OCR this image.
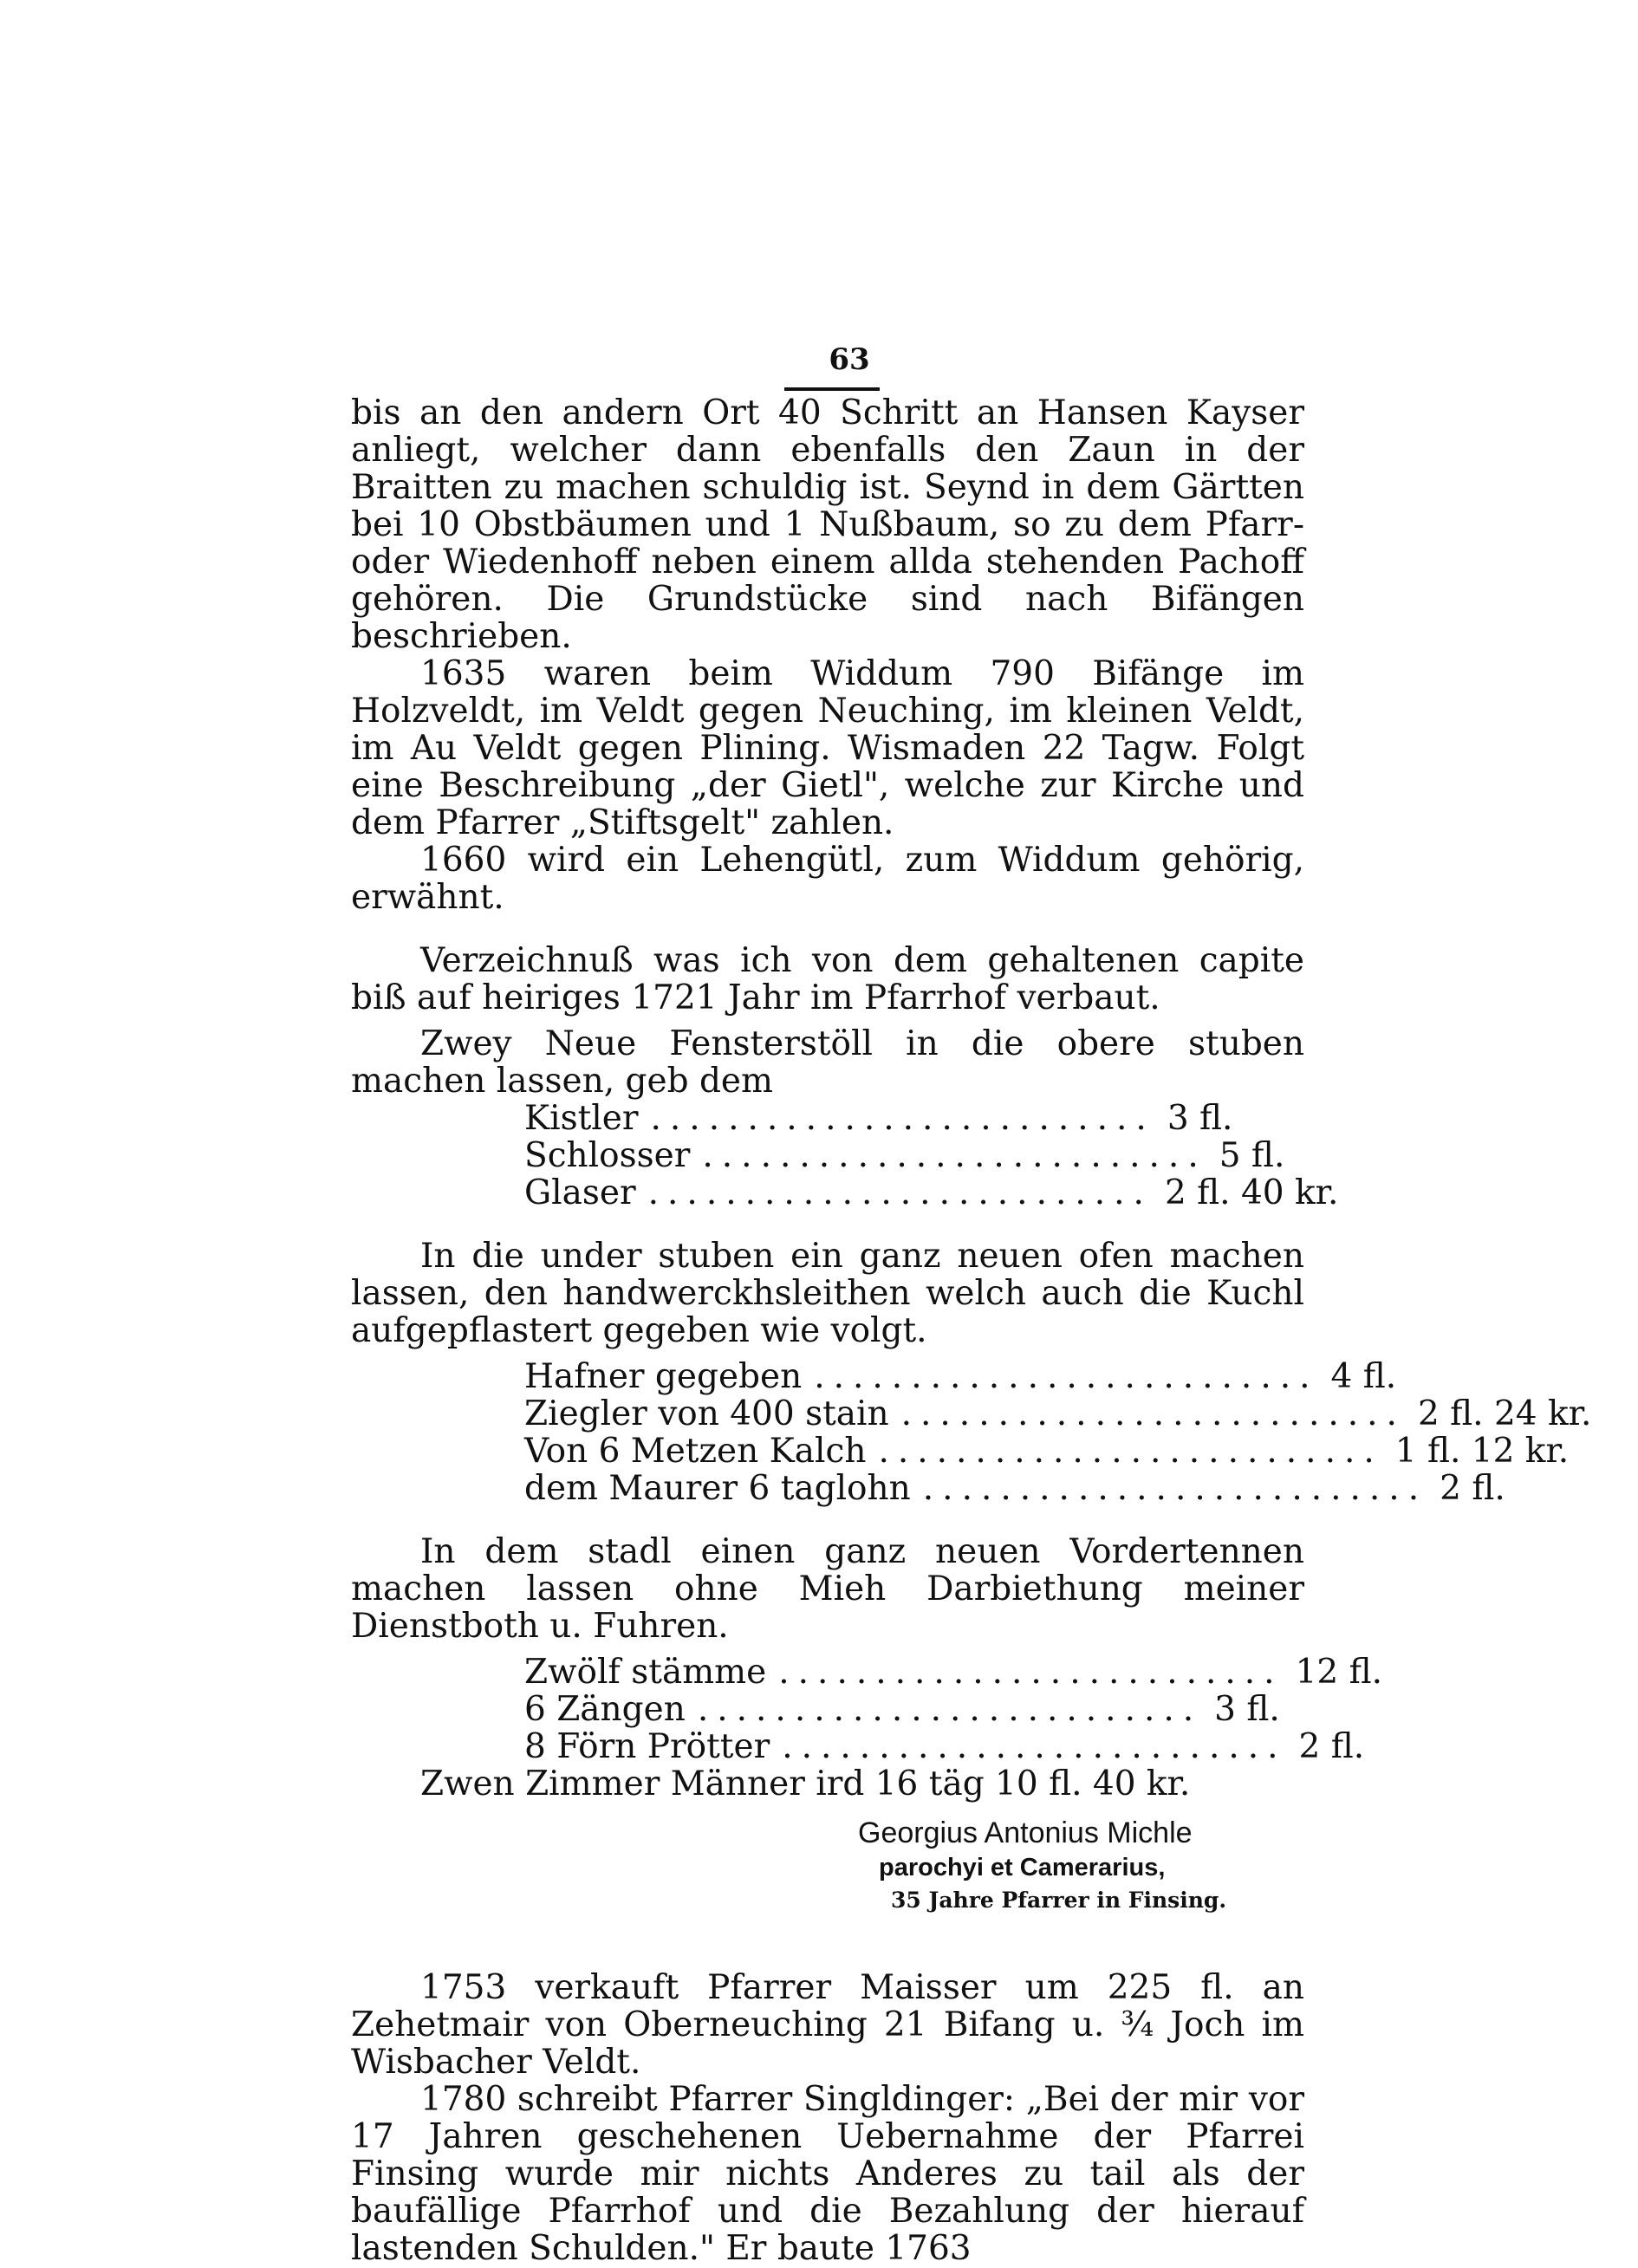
63

bis an den andern Ort 40 Schritt an Hansen Kayser anliegt, welcher dann ebenfalls den Zaun in der Braitten zu machen schuldig ist. Seynd in dem Gärtten bei 10 Obstbäumen und 1 Nußbaum, so zu dem Pfarr- oder Wiedenhoff neben einem allda stehenden Pachoff gehören. Die Grundstücke sind nach Bifängen beschrieben.

1635 waren beim Widdum 790 Bifänge im Holzveldt, im Veldt gegen Neuching, im kleinen Veldt, im Au Veldt gegen Plining. Wismaden 22 Tagw. Folgt eine Beschreibung „der Gietl", welche zur Kirche und dem Pfarrer „Stiftsgelt" zahlen.

1660 wird ein Lehengütl, zum Widdum gehörig, erwähnt.

Verzeichnuß was ich von dem gehaltenen capite biß auf heiriges 1721 Jahr im Pfarrhof verbaut.

Zwey Neue Fensterstöll in die obere stuben machen lassen, geb dem

Kistler .......................... 3 fl.
Schlosser .......................... 5 fl.
Glaser .......................... 2 fl. 40 kr.

In die under stuben ein ganz neuen ofen machen lassen, den handwerckhsleithen welch auch die Kuchl aufgepflastert gegeben wie volgt.

Hafner gegeben .......................... 4 fl.
Ziegler von 400 stain .......................... 2 fl. 24 kr.
Von 6 Metzen Kalch .......................... 1 fl. 12 kr.
dem Maurer 6 taglohn .......................... 2 fl.

In dem stadl einen ganz neuen Vordertennen machen lassen ohne Mieh Darbiethung meiner Dienstboth u. Fuhren.

Zwölf stämme .......................... 12 fl.
6 Zängen .......................... 3 fl.
8 Förn Prötter .......................... 2 fl.

Zwen Zimmer Männer ird 16 täg 10 fl. 40 kr.

Georgius Antonius Michle
parochyi et Camerarius,
35 Jahre Pfarrer in Finsing.

1753 verkauft Pfarrer Maisser um 225 fl. an Zehetmair von Oberneuching 21 Bifang u. ¾ Joch im Wisbacher Veldt.

1780 schreibt Pfarrer Singldinger: „Bei der mir vor 17 Jahren geschehenen Uebernahme der Pfarrei Finsing wurde mir nichts Anderes zu tail als der baufällige Pfarrhof und die Bezahlung der hierauf lastenden Schulden." Er baute 1763
